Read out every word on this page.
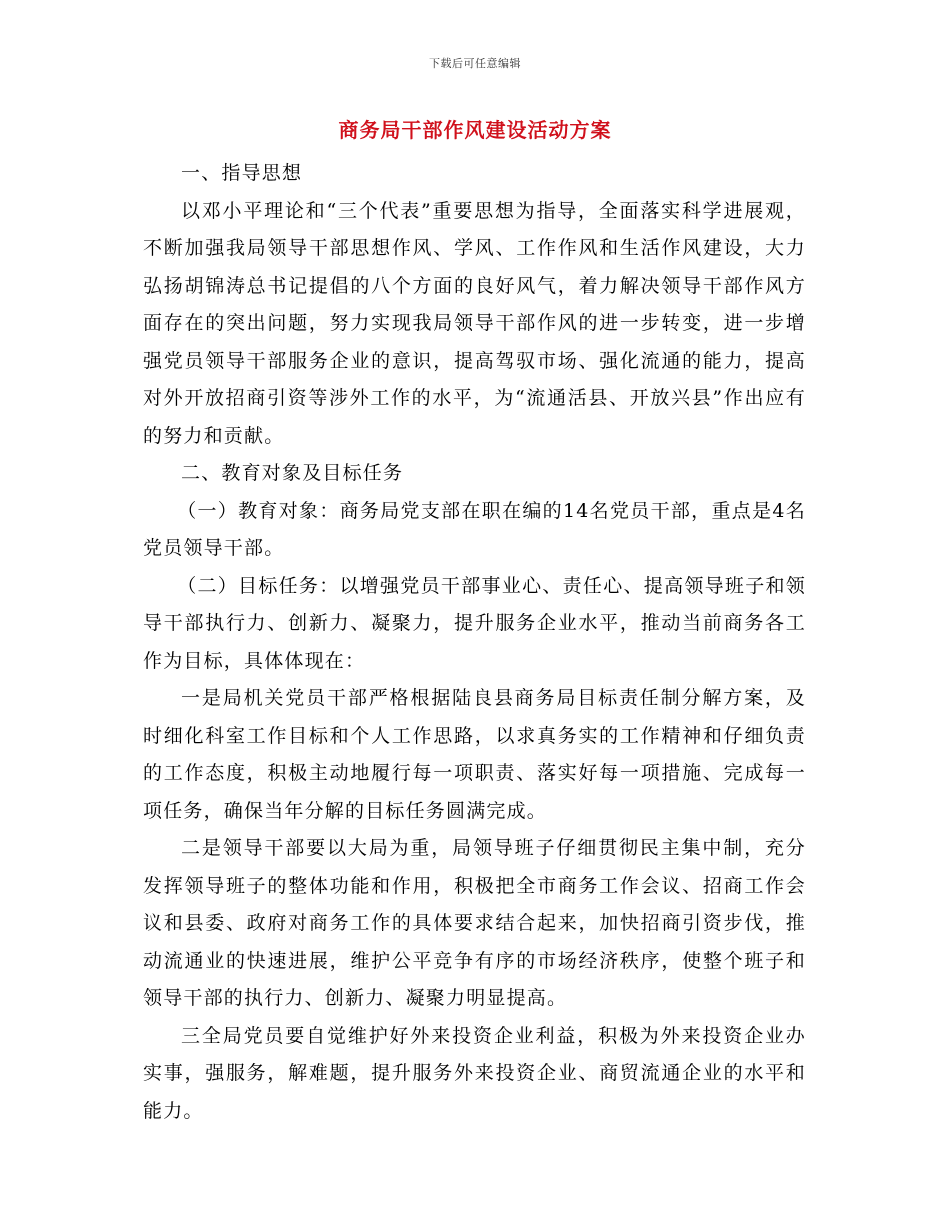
下载后可任意编辑
商务局干部作风建设活动方案

一、指导思想

以邓小平理论和“三个代表”重要思想为指导，全面落实科学进展观，不断加强我局领导干部思想作风、学风、工作作风和生活作风建设，大力弘扬胡锦涛总书记提倡的八个方面的良好风气，着力解决领导干部作风方面存在的突出问题，努力实现我局领导干部作风的进一步转变，进一步增强党员领导干部服务企业的意识，提高驾驭市场、强化流通的能力，提高对外开放招商引资等涉外工作的水平，为“流通活县、开放兴县”作出应有的努力和贡献。

二、教育对象及目标任务

（一）教育对象：商务局党支部在职在编的14名党员干部，重点是4名党员领导干部。

（二）目标任务：以增强党员干部事业心、责任心、提高领导班子和领导干部执行力、创新力、凝聚力，提升服务企业水平，推动当前商务各工作为目标，具体体现在：

一是局机关党员干部严格根据陆良县商务局目标责任制分解方案，及时细化科室工作目标和个人工作思路，以求真务实的工作精神和仔细负责的工作态度，积极主动地履行每一项职责、落实好每一项措施、完成每一项任务，确保当年分解的目标任务圆满完成。

二是领导干部要以大局为重，局领导班子仔细贯彻民主集中制，充分发挥领导班子的整体功能和作用，积极把全市商务工作会议、招商工作会议和县委、政府对商务工作的具体要求结合起来，加快招商引资步伐，推动流通业的快速进展，维护公平竞争有序的市场经济秩序，使整个班子和领导干部的执行力、创新力、凝聚力明显提高。

三全局党员要自觉维护好外来投资企业利益，积极为外来投资企业办实事，强服务，解难题，提升服务外来投资企业、商贸流通企业的水平和能力。
